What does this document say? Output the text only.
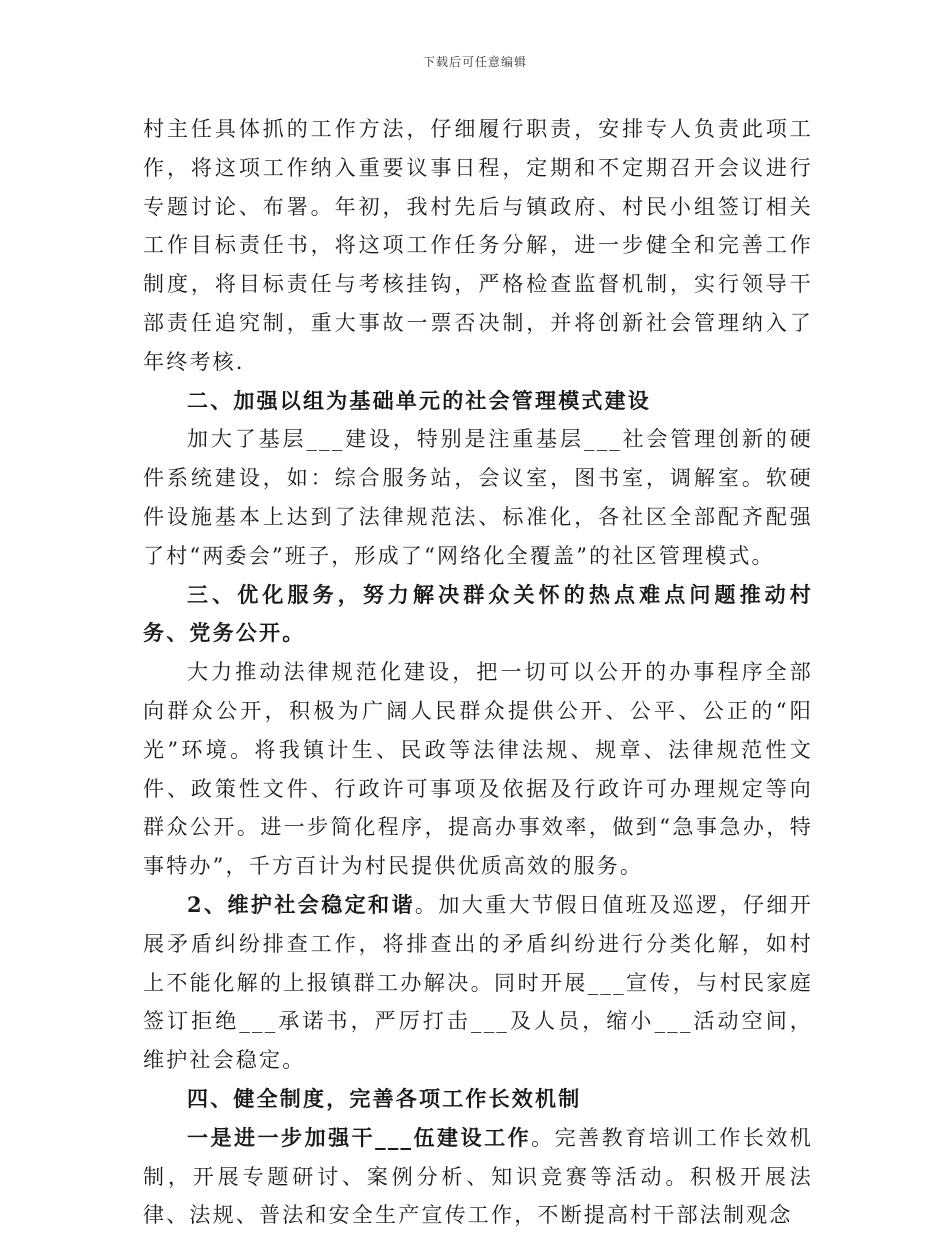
下载后可任意编辑

村主任具体抓的工作方法，仔细履行职责，安排专人负责此项工作，将这项工作纳入重要议事日程，定期和不定期召开会议进行专题讨论、布署。年初，我村先后与镇政府、村民小组签订相关工作目标责任书，将这项工作任务分解，进一步健全和完善工作制度，将目标责任与考核挂钩，严格检查监督机制，实行领导干部责任追究制，重大事故一票否决制，并将创新社会管理纳入了年终考核.

二、加强以组为基础单元的社会管理模式建设

加大了基层___建设，特别是注重基层___社会管理创新的硬件系统建设，如：综合服务站，会议室，图书室，调解室。软硬件设施基本上达到了法律规范法、标准化，各社区全部配齐配强了村“两委会”班子，形成了“网络化全覆盖”的社区管理模式。

三、优化服务，努力解决群众关怀的热点难点问题推动村务、党务公开。

大力推动法律规范化建设，把一切可以公开的办事程序全部向群众公开，积极为广阔人民群众提供公开、公平、公正的“阳光”环境。将我镇计生、民政等法律法规、规章、法律规范性文件、政策性文件、行政许可事项及依据及行政许可办理规定等向群众公开。进一步简化程序，提高办事效率，做到“急事急办，特事特办”，千方百计为村民提供优质高效的服务。

2、维护社会稳定和谐。加大重大节假日值班及巡逻，仔细开展矛盾纠纷排查工作，将排查出的矛盾纠纷进行分类化解，如村上不能化解的上报镇群工办解决。同时开展___宣传，与村民家庭签订拒绝___承诺书，严厉打击___及人员，缩小___活动空间，维护社会稳定。

四、健全制度，完善各项工作长效机制

一是进一步加强干___伍建设工作。完善教育培训工作长效机制，开展专题研讨、案例分析、知识竞赛等活动。积极开展法律、法规、普法和安全生产宣传工作，不断提高村干部法制观念
